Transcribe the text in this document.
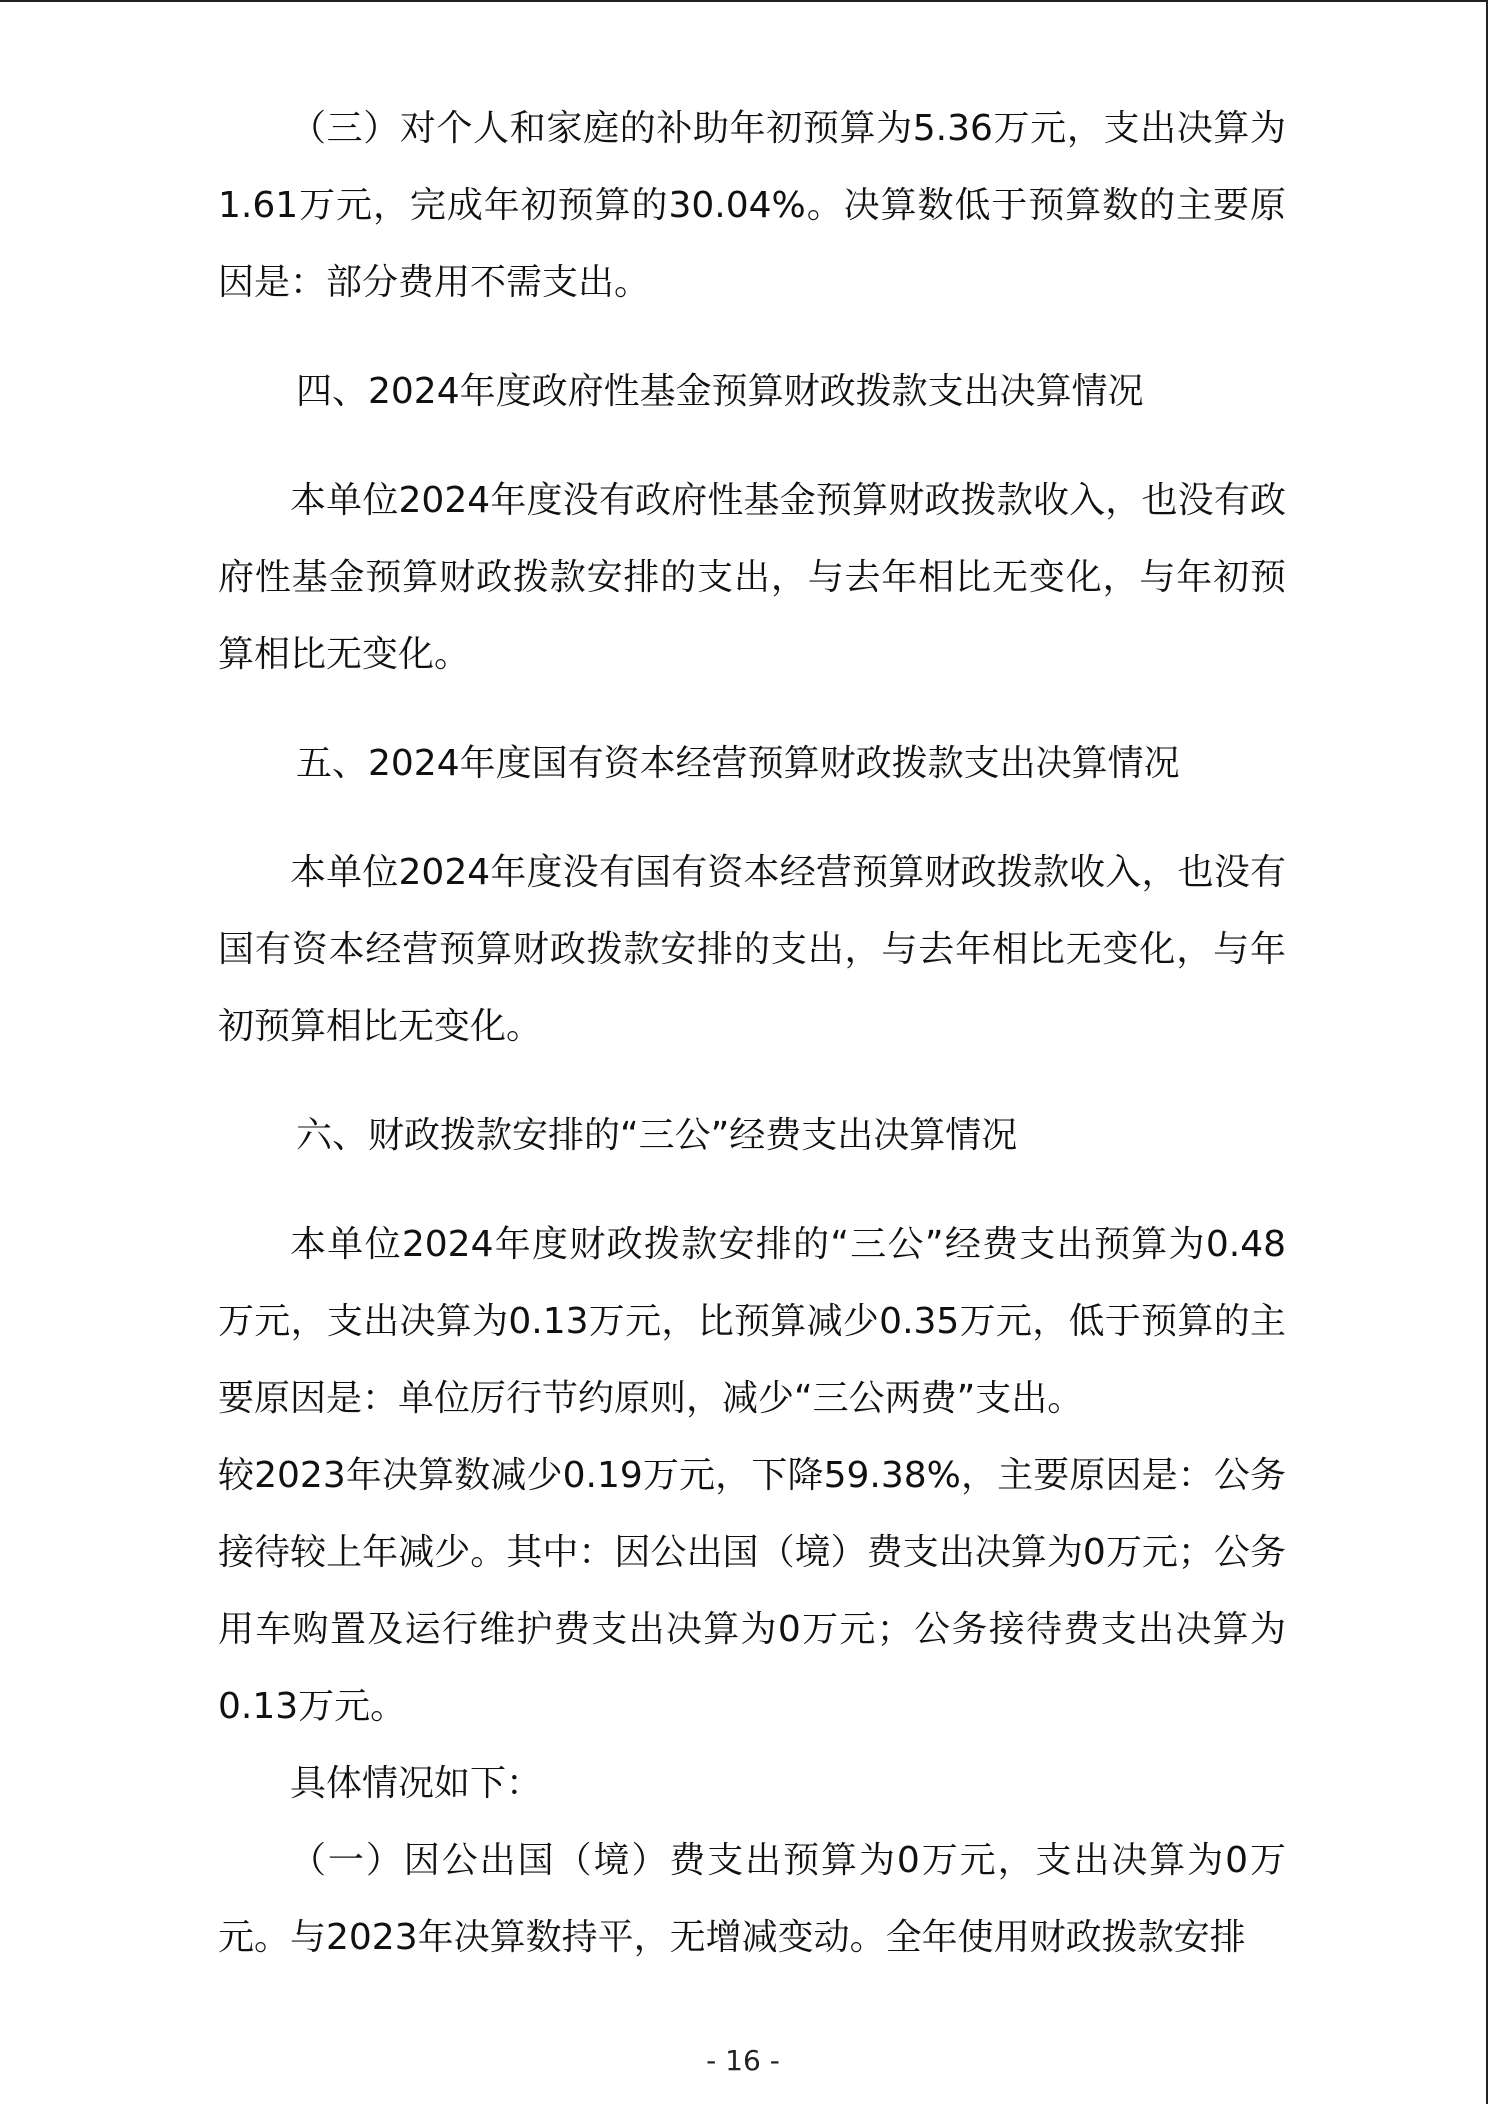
（三）对个人和家庭的补助年初预算为5.36万元，支出决算为1.61万元，完成年初预算的30.04%。决算数低于预算数的主要原因是：部分费用不需支出。

四、2024年度政府性基金预算财政拨款支出决算情况

本单位2024年度没有政府性基金预算财政拨款收入，也没有政府性基金预算财政拨款安排的支出，与去年相比无变化，与年初预算相比无变化。

五、2024年度国有资本经营预算财政拨款支出决算情况

本单位2024年度没有国有资本经营预算财政拨款收入，也没有国有资本经营预算财政拨款安排的支出，与去年相比无变化，与年初预算相比无变化。

六、财政拨款安排的“三公”经费支出决算情况

本单位2024年度财政拨款安排的“三公”经费支出预算为0.48万元，支出决算为0.13万元，比预算减少0.35万元，低于预算的主要原因是：单位厉行节约原则，减少“三公两费”支出。

较2023年决算数减少0.19万元，下降59.38%，主要原因是：公务接待较上年减少。其中：因公出国（境）费支出决算为0万元；公务用车购置及运行维护费支出决算为0万元；公务接待费支出决算为0.13万元。

具体情况如下：

（一）因公出国（境）费支出预算为0万元，支出决算为0万元。与2023年决算数持平，无增减变动。全年使用财政拨款安排

- 16 -
